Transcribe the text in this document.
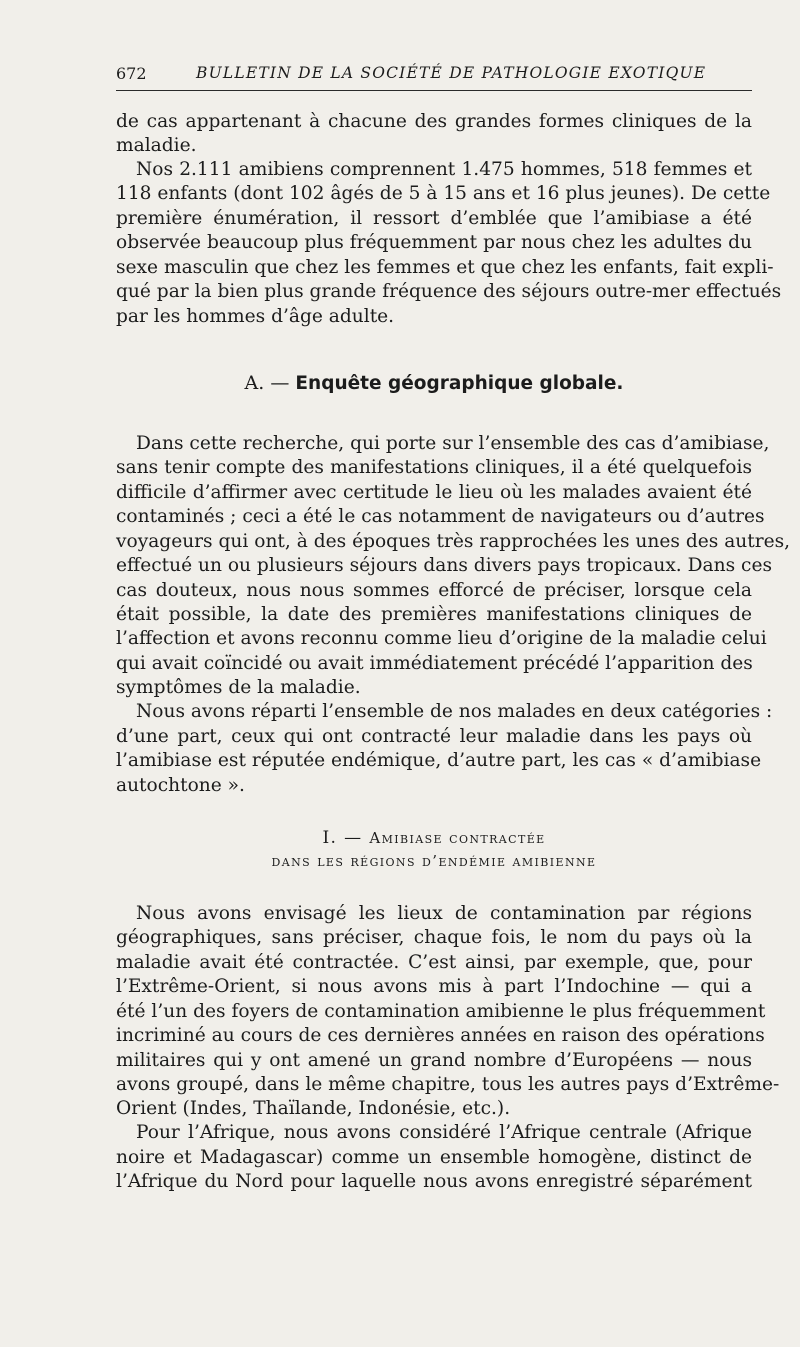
672	BULLETIN DE LA SOCIÉTÉ DE PATHOLOGIE EXOTIQUE
de cas appartenant à chacune des grandes formes cliniques de la
maladie.
Nos 2.111 amibiens comprennent 1.475 hommes, 518 femmes et
118 enfants (dont 102 âgés de 5 à 15 ans et 16 plus jeunes). De cette
première énumération, il ressort d’emblée que l’amibiase a été
observée beaucoup plus fréquemment par nous chez les adultes du
sexe masculin que chez les femmes et que chez les enfants, fait expli-
qué par la bien plus grande fréquence des séjours outre-mer effectués
par les hommes d’âge adulte.
A. — Enquête géographique globale.
Dans cette recherche, qui porte sur l’ensemble des cas d’amibiase,
sans tenir compte des manifestations cliniques, il a été quelquefois
difficile d’affirmer avec certitude le lieu où les malades avaient été
contaminés ; ceci a été le cas notamment de navigateurs ou d’autres
voyageurs qui ont, à des époques très rapprochées les unes des autres,
effectué un ou plusieurs séjours dans divers pays tropicaux. Dans ces
cas douteux, nous nous sommes efforcé de préciser, lorsque cela
était possible, la date des premières manifestations cliniques de
l’affection et avons reconnu comme lieu d’origine de la maladie celui
qui avait coïncidé ou avait immédiatement précédé l’apparition des
symptômes de la maladie.
Nous avons réparti l’ensemble de nos malades en deux catégories :
d’une part, ceux qui ont contracté leur maladie dans les pays où
l’amibiase est réputée endémique, d’autre part, les cas « d’amibiase
autochtone ».
I. — Amibiase contractée
dans les régions d’endémie amibienne
Nous avons envisagé les lieux de contamination par régions
géographiques, sans préciser, chaque fois, le nom du pays où la
maladie avait été contractée. C’est ainsi, par exemple, que, pour
l’Extrême-Orient, si nous avons mis à part l’Indochine — qui a
été l’un des foyers de contamination amibienne le plus fréquemment
incriminé au cours de ces dernières années en raison des opérations
militaires qui y ont amené un grand nombre d’Européens — nous
avons groupé, dans le même chapitre, tous les autres pays d’Extrême-
Orient (Indes, Thaïlande, Indonésie, etc.).
Pour l’Afrique, nous avons considéré l’Afrique centrale (Afrique
noire et Madagascar) comme un ensemble homogène, distinct de
l’Afrique du Nord pour laquelle nous avons enregistré séparément
